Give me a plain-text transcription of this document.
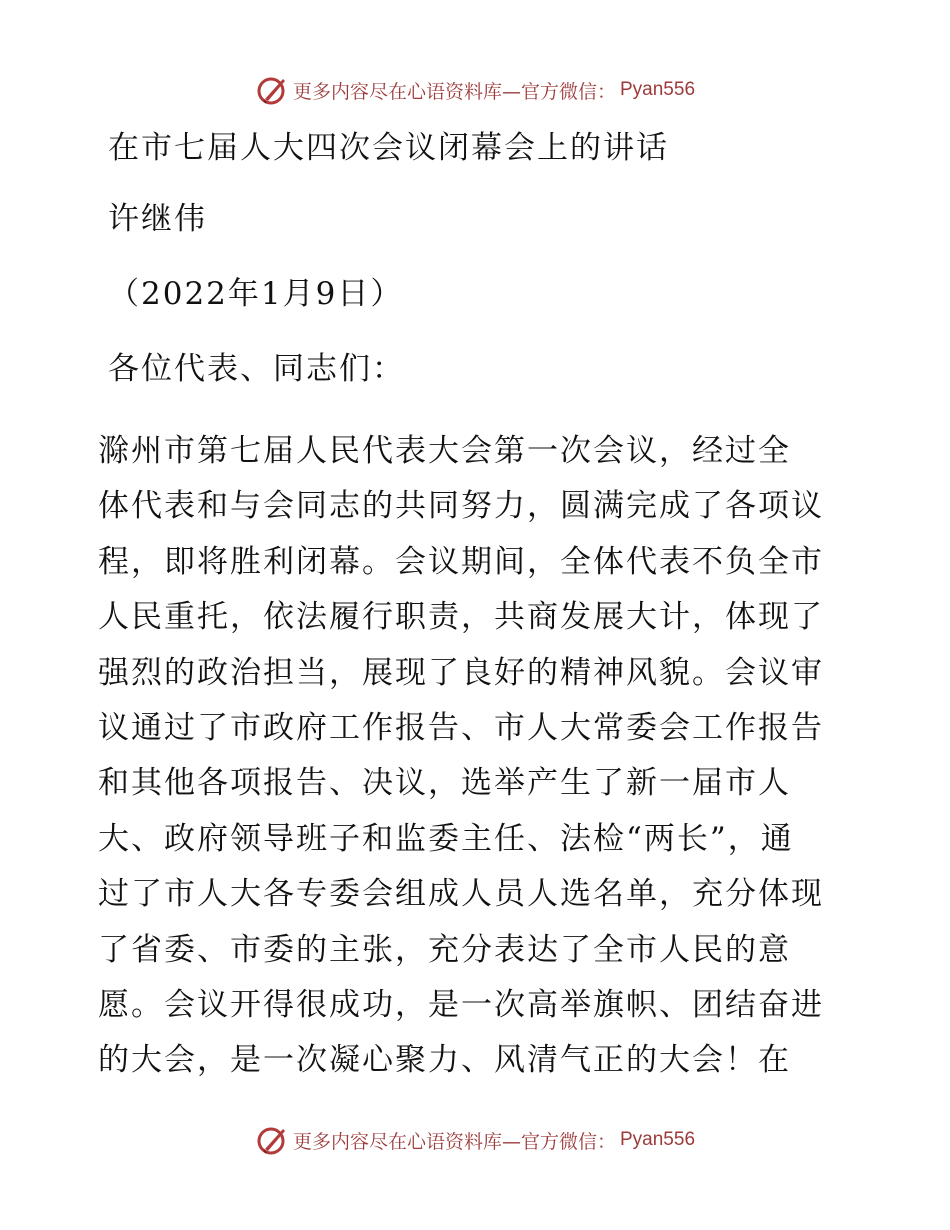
更多内容尽在心语资料库—官方微信： Pyan556
在市七届人大四次会议闭幕会上的讲话
许继伟
（2022年1月9日）
各位代表、同志们：
滁州市第七届人民代表大会第一次会议，经过全
体代表和与会同志的共同努力，圆满完成了各项议
程，即将胜利闭幕。会议期间，全体代表不负全市
人民重托，依法履行职责，共商发展大计，体现了
强烈的政治担当，展现了良好的精神风貌。会议审
议通过了市政府工作报告、市人大常委会工作报告
和其他各项报告、决议，选举产生了新一届市人
大、政府领导班子和监委主任、法检“两长”，通
过了市人大各专委会组成人员人选名单，充分体现
了省委、市委的主张，充分表达了全市人民的意
愿。会议开得很成功，是一次高举旗帜、团结奋进
的大会，是一次凝心聚力、风清气正的大会！在
更多内容尽在心语资料库—官方微信： Pyan556
